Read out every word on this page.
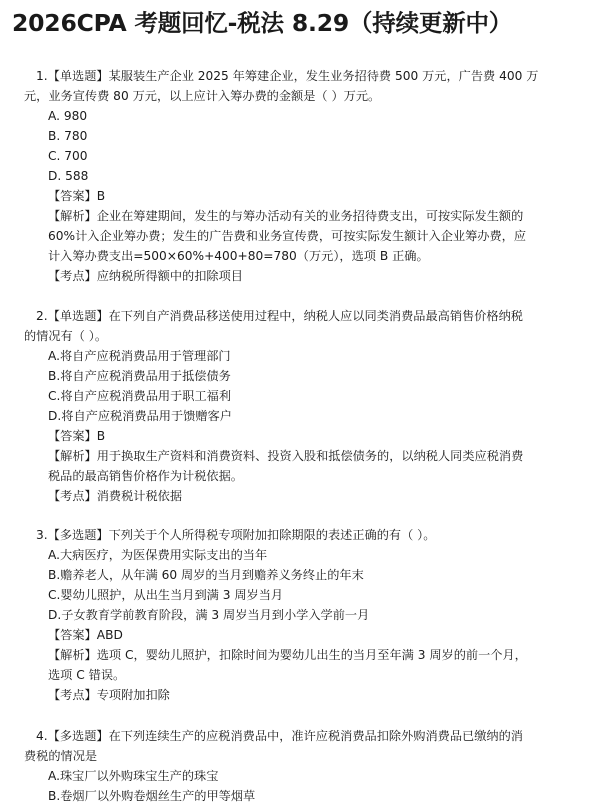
2026CPA 考题回忆-税法 8.29（持续更新中）
1.【单选题】某服装生产企业 2025 年筹建企业，发生业务招待费 500 万元，广告费 400 万
元，业务宣传费 80 万元，以上应计入筹办费的金额是（ ）万元。
A. 980
B. 780
C. 700
D. 588
【答案】B
【解析】企业在筹建期间，发生的与筹办活动有关的业务招待费支出，可按实际发生额的
60%计入企业筹办费；发生的广告费和业务宣传费，可按实际发生额计入企业筹办费，应
计入筹办费支出=500×60%+400+80=780（万元），选项 B 正确。
【考点】应纳税所得额中的扣除项目
2.【单选题】在下列自产消费品移送使用过程中，纳税人应以同类消费品最高销售价格纳税
的情况有（ ）。
A.将自产应税消费品用于管理部门
B.将自产应税消费品用于抵偿债务
C.将自产应税消费品用于职工福利
D.将自产应税消费品用于馈赠客户
【答案】B
【解析】用于换取生产资料和消费资料、投资入股和抵偿债务的，以纳税人同类应税消费
税品的最高销售价格作为计税依据。
【考点】消费税计税依据
3.【多选题】下列关于个人所得税专项附加扣除期限的表述正确的有（ ）。
A.大病医疗，为医保费用实际支出的当年
B.赡养老人，从年满 60 周岁的当月到赡养义务终止的年末
C.婴幼儿照护，从出生当月到满 3 周岁当月
D.子女教育学前教育阶段，满 3 周岁当月到小学入学前一月
【答案】ABD
【解析】选项 C，婴幼儿照护，扣除时间为婴幼儿出生的当月至年满 3 周岁的前一个月，
选项 C 错误。
【考点】专项附加扣除
4.【多选题】在下列连续生产的应税消费品中，准许应税消费品扣除外购消费品已缴纳的消
费税的情况是
A.珠宝厂以外购珠宝生产的珠宝
B.卷烟厂以外购卷烟丝生产的甲等烟草
